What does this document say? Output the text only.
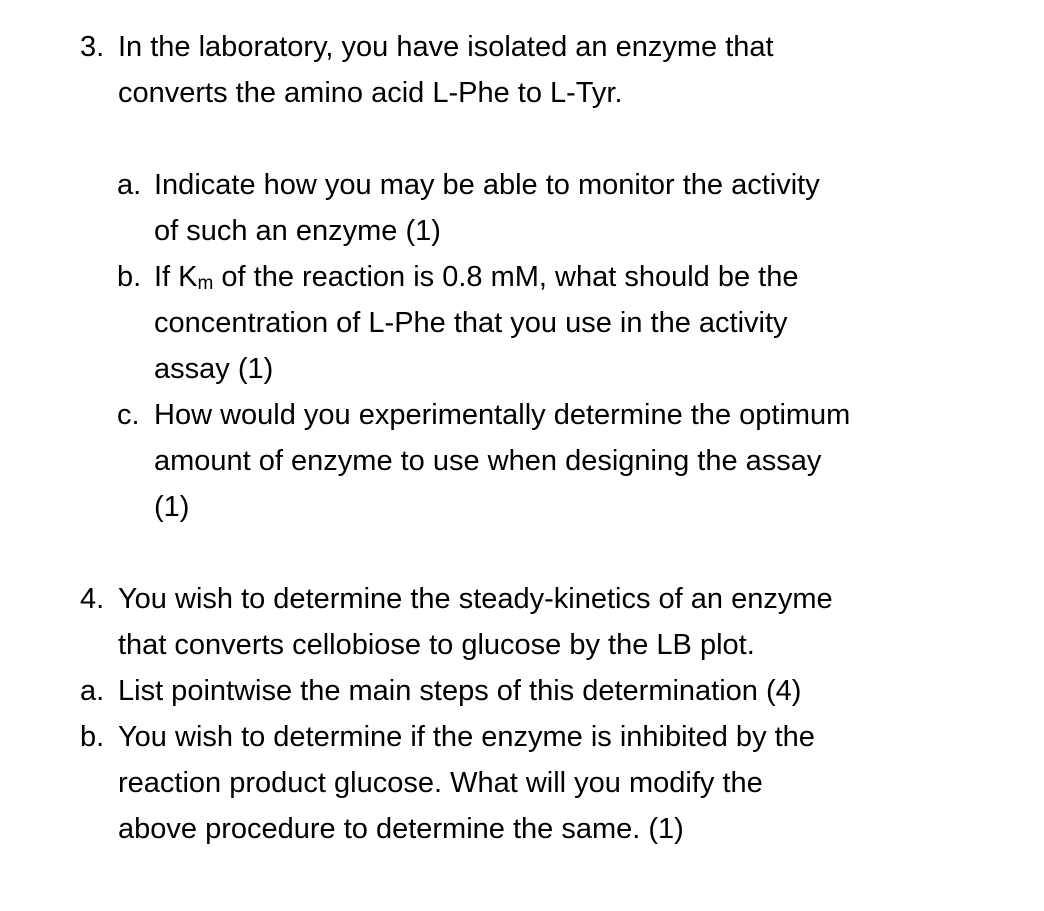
3. In the laboratory, you have isolated an enzyme that
converts the amino acid L-Phe to L-Tyr.
a. Indicate how you may be able to monitor the activity
of such an enzyme (1)
b. If $K_m$ of the reaction is 0.8 mM, what should be the
concentration of L-Phe that you use in the activity
assay (1)
c. How would you experimentally determine the optimum
amount of enzyme to use when designing the assay
(1)
4. You wish to determine the steady-kinetics of an enzyme
that converts cellobiose to glucose by the LB plot.
a. List pointwise the main steps of this determination (4)
b. You wish to determine if the enzyme is inhibited by the
reaction product glucose. What will you modify the
above procedure to determine the same. (1)
